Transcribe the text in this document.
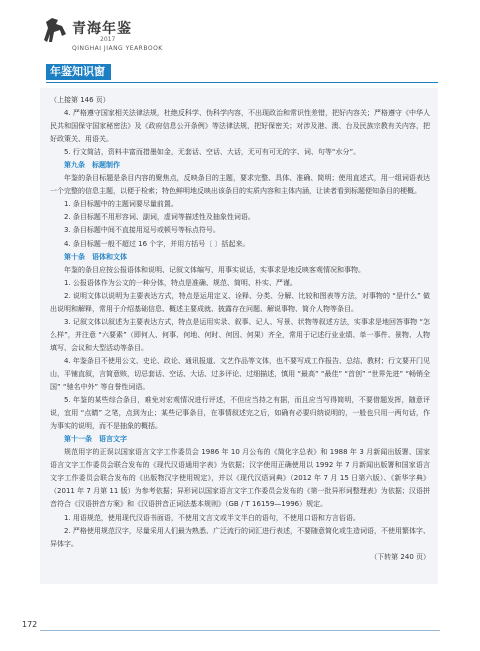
青海年鉴
2017
QINGHAI JIANG YEARBOOK
年鉴知识窗

（上接第 146 页）

4. 严格遵守国家相关法律法规，杜绝反科学、伪科学内容，不出现政治和常识性差错，把好内容关；严格遵守《中华人民共和国保守国家秘密法》及《政府信息公开条例》等法律法规，把好保密关；对涉及港、澳、台及民族宗教有关内容，把好政策关、用语关。

5. 行文简洁，资料丰富而措墨如金，无套话、空话、大话，无可有可无的字、词、句等“水分”。

第九条　标题制作

年鉴的条目标题是条目内容的聚焦点，反映条目的主题，要求完整、具体、准确、简明；使用直述式，用一组词语表达一个完整的信息主题，以便于检索；特色鲜明地反映出该条目的实质内容和主体内涵，让读者看到标题便知条目的梗概。

1. 条目标题中的主题词要尽量前置。

2. 条目标题不用形容词、副词，虚词等描述性及抽象性词语。

3. 条目标题中间不直接用逗号或顿号等标点符号。

4. 条目标题一般不超过 16 个字，并用方括号〔 〕括起来。

第十条　语体和文体

年鉴的条目应按公报语体和说明、记叙文体编写，用事实说话，实事求是地反映客观情况和事物。

1. 公报语体作为公文的一种分体，特点是准确、规范、简明、朴实、严谨。

2. 说明文体以说明为主要表达方式，特点是运用定义、诠释、分类、分解、比较和图表等方法，对事物的 “是什么” 做出说明和解释，常用于介绍基础信息、概述主要成就、披露存在问题、解说事物、简介人物等条目。

3. 记叙文体以叙述为主要表达方式，特点是运用实录、叙事、记人、写景、状物等叙述方法，实事求是地回答事物 “怎么样”，并注意 “六要素”（即何人、何事、何地、何时、何因、何果）齐全，常用于记述行业业绩、单一事件、景物、人物填写、会议和大型活动等条目。

4. 年鉴条目不使用公文、史论、政论、通讯报道、文艺作品等文体，也不要写成工作报告、总结、教材；行文要开门见山，平铺直叙，言简意赅，切忌套话、空话、大话、过多评论、过细描述，慎用 “最高” “最佳” “首创” “世界先进” “畅销全国” “驰名中外” 等自誉性词语。

5. 年鉴的某些综合条目，难免对宏观情况进行评述，不但应当持之有据，而且应当写得简明，不要借题发挥，随意评说，宜用 “点睛” 之笔，点到为止；某些记事条目，在事情叙述完之后，如确有必要归纳说明的，一般也只用一两句话，作为事实的说明，而不是抽象的概括。

第十一条　语言文字

规范用字的正误以国家语言文字工作委员会 1986 年 10 月公布的《简化字总表》和 1988 年 3 月新闻出版署、国家语言文字工作委员会联合发布的《现代汉语通用字表》为依据；汉字使用正确使用以 1992 年 7 月新闻出版署和国家语言文字工作委员会联合发布的《出版物汉字使用规定》，并以《现代汉语词典》（2012 年 7 月 15 日第六版）、《新华字典》（2011 年 7 月第 11 版）为参考依据；异形词以国家语言文字工作委员会发布的《第一批异形词整理表》为依据；汉语拼音符合《汉语拼音方案》和《汉语拼音正词法基本规则》（GB / T 16159—1996）规定。

1. 用语规范，使用现代汉语书面语，不使用文言文或半文半白的语句，不使用口语和方言俗语。

2. 严格使用规范汉字，尽量采用人们最为熟悉、广泛流行的词汇进行表述，不要随意简化或生造词语，不使用繁体字、异体字。

（下转第 240 页）

172
